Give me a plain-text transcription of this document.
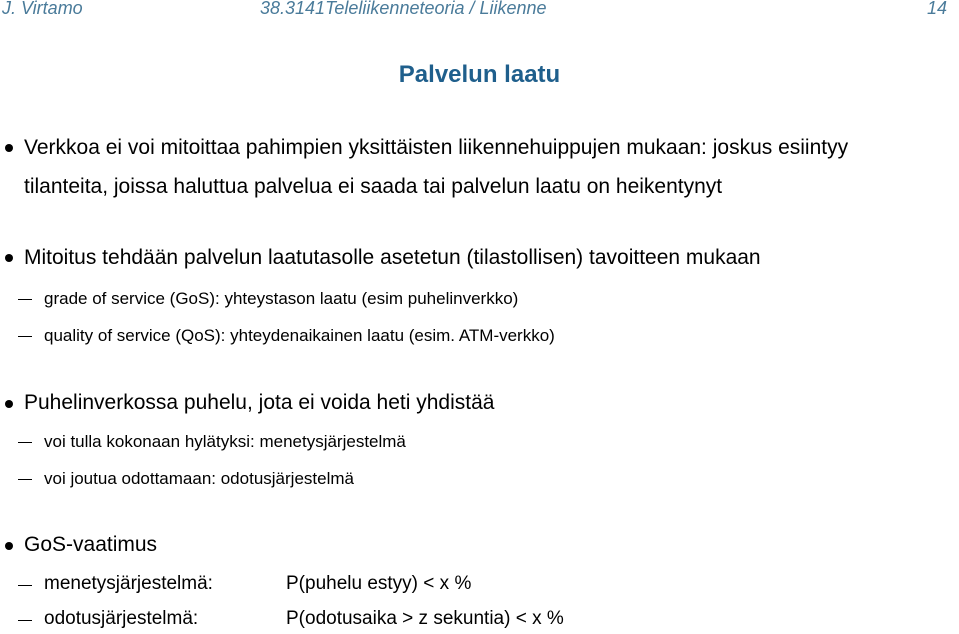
J. Virtamo	38.3141Teleliikenneteoria / Liikenne	14
Palvelun laatu
Verkkoa ei voi mitoittaa pahimpien yksittäisten liikennehuippujen mukaan: joskus esiintyy
tilanteita, joissa haluttua palvelua ei saada tai palvelun laatu on heikentynyt
Mitoitus tehdään palvelun laatutasolle asetetun (tilastollisen) tavoitteen mukaan
grade of service (GoS): yhteystason laatu (esim puhelinverkko)
quality of service (QoS): yhteydenaikainen laatu (esim. ATM-verkko)
Puhelinverkossa puhelu, jota ei voida heti yhdistää
voi tulla kokonaan hylätyksi: menetysjärjestelmä
voi joutua odottamaan: odotusjärjestelmä
GoS-vaatimus
menetysjärjestelmä:	P(puhelu estyy) < x %
odotusjärjestelmä:	P(odotusaika > z sekuntia) < x %
